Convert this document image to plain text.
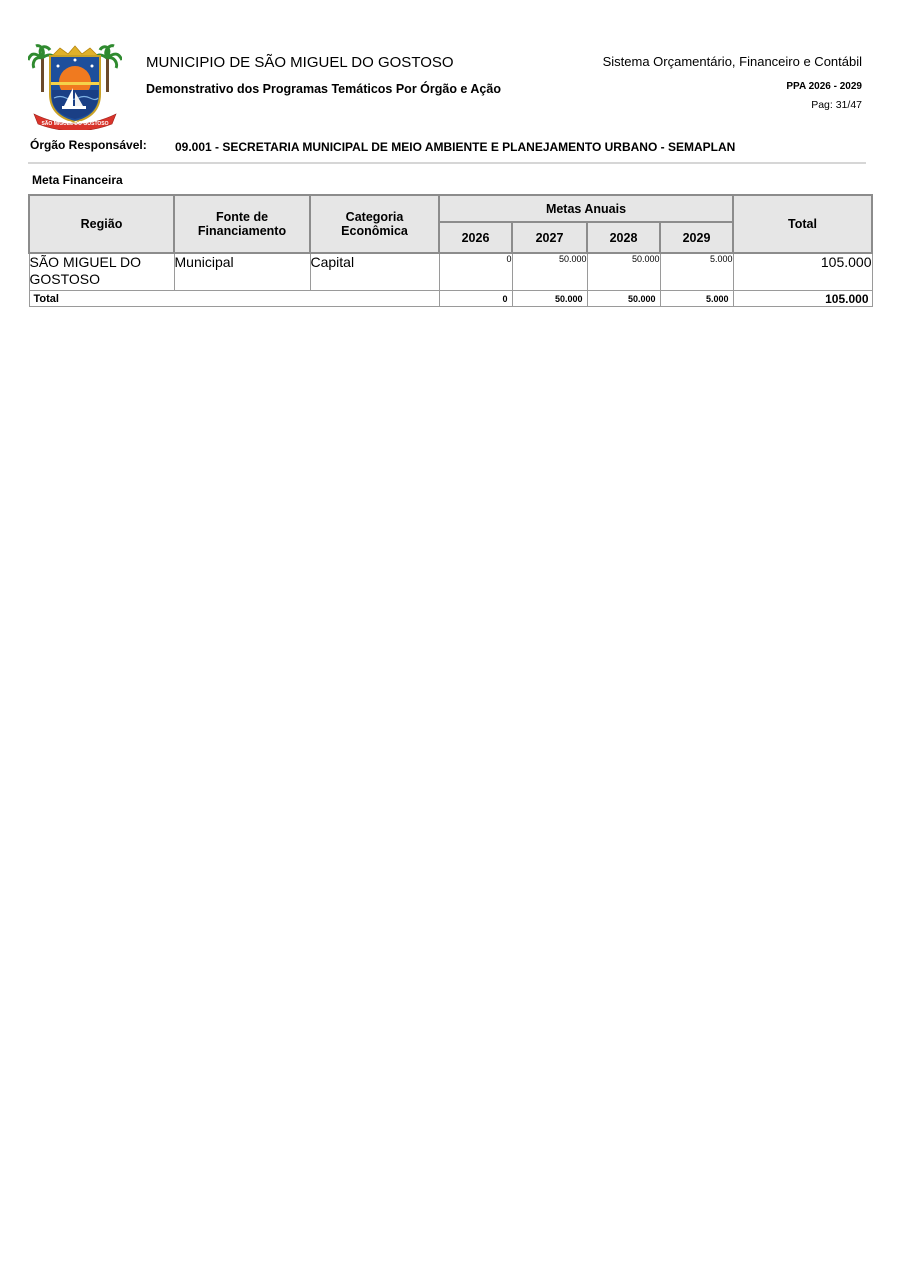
SÃO MIGUEL DO GOSTOSO
MUNICIPIO DE SÃO MIGUEL DO GOSTOSO
Demonstrativo dos Programas Temáticos Por Órgão e Ação
Sistema Orçamentário, Financeiro e Contábil
PPA 2026 - 2029
Pag: 31/47
Órgão Responsável: 09.001 - SECRETARIA MUNICIPAL DE MEIO AMBIENTE E PLANEJAMENTO URBANO - SEMAPLAN
Meta Financeira
Região	Fonte de Financiamento	Categoria Econômica	Metas Anuais				Total
			2026	2027	2028	2029	
SÃO MIGUEL DO GOSTOSO	Municipal	Capital	0	50.000	50.000	5.000	105.000
Total			0	50.000	50.000	5.000	105.000
